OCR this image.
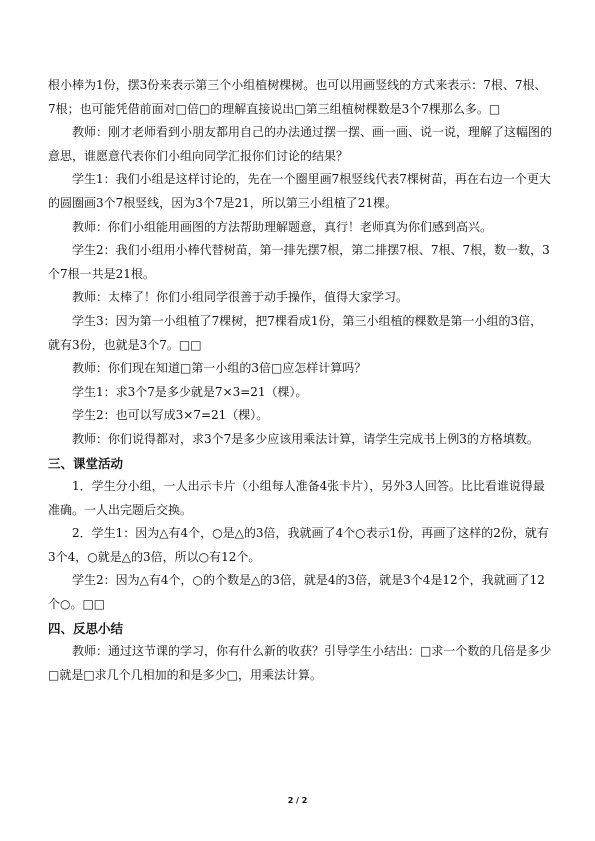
根小棒为1份，摆3份来表示第三个小组植树棵树。也可以用画竖线的方式来表示：7根、7根、7根；也可能凭借前面对□倍□的理解直接说出□第三组植树棵数是3个7棵那么多。□

教师：刚才老师看到小朋友都用自己的办法通过摆一摆、画一画、说一说，理解了这幅图的意思，谁愿意代表你们小组向同学汇报你们讨论的结果？

学生1：我们小组是这样讨论的，先在一个圈里画7根竖线代表7棵树苗，再在右边一个更大的圆圈画3个7根竖线，因为3个7是21，所以第三小组植了21棵。

教师：你们小组能用画图的方法帮助理解题意，真行！老师真为你们感到高兴。

学生2：我们小组用小棒代替树苗，第一排先摆7根，第二排摆7根、7根、7根，数一数，3个7根一共是21根。

教师：太棒了！你们小组同学很善于动手操作，值得大家学习。

学生3：因为第一小组植了7棵树，把7棵看成1份，第三小组植的棵数是第一小组的3倍，就有3份，也就是3个7。□□

教师：你们现在知道□第一小组的3倍□应怎样计算吗？

学生1：求3个7是多少就是7×3=21（棵）。

学生2：也可以写成3×7=21（棵）。

教师：你们说得都对，求3个7是多少应该用乘法计算，请学生完成书上例3的方格填数。

三、课堂活动

1．学生分小组，一人出示卡片（小组每人准备4张卡片），另外3人回答。比比看谁说得最准确。一人出完题后交换。

2．学生1：因为△有4个，○是△的3倍，我就画了4个○表示1份，再画了这样的2份，就有3个4，○就是△的3倍，所以○有12个。

学生2：因为△有4个，○的个数是△的3倍，就是4的3倍，就是3个4是12个，我就画了12个○。□□

四、反思小结

教师：通过这节课的学习，你有什么新的收获？引导学生小结出：□求一个数的几倍是多少□就是□求几个几相加的和是多少□，用乘法计算。

2 / 2
